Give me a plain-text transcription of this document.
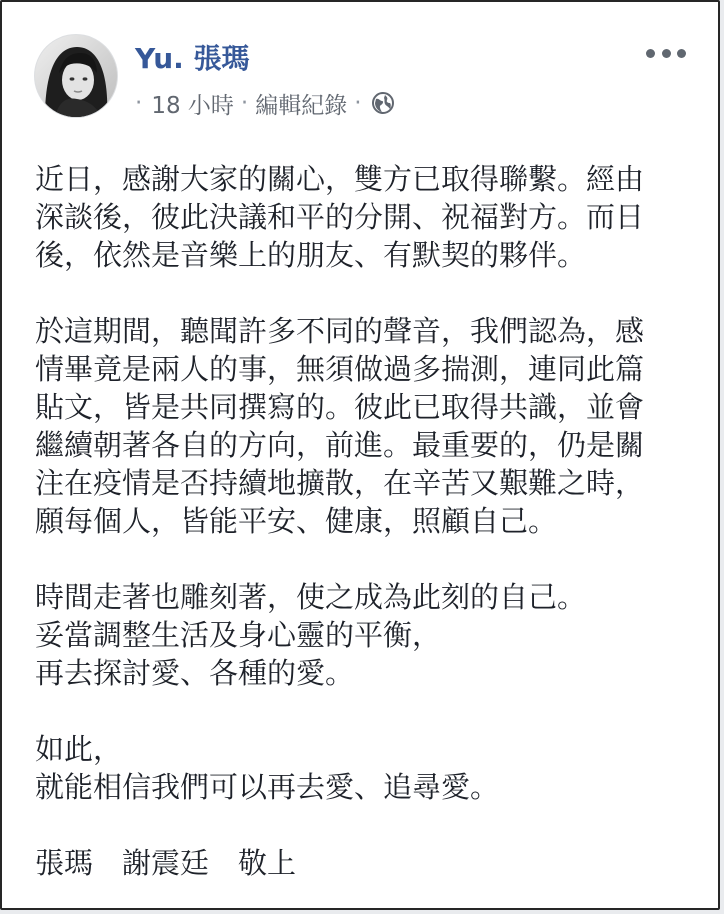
Yu. 張瑪
· 18 小時 · 編輯紀錄 ·

近日，感謝大家的關心，雙方已取得聯繫。經由
深談後，彼此決議和平的分開、祝福對方。而日
後，依然是音樂上的朋友、有默契的夥伴。

於這期間，聽聞許多不同的聲音，我們認為，感
情畢竟是兩人的事，無須做過多揣測，連同此篇
貼文，皆是共同撰寫的。彼此已取得共識，並會
繼續朝著各自的方向，前進。最重要的，仍是關
注在疫情是否持續地擴散，在辛苦又艱難之時，
願每個人，皆能平安、健康，照顧自己。

時間走著也雕刻著，使之成為此刻的自己。
妥當調整生活及身心靈的平衡，
再去探討愛、各種的愛。

如此，
就能相信我們可以再去愛、追尋愛。

張瑪　謝震廷　敬上
